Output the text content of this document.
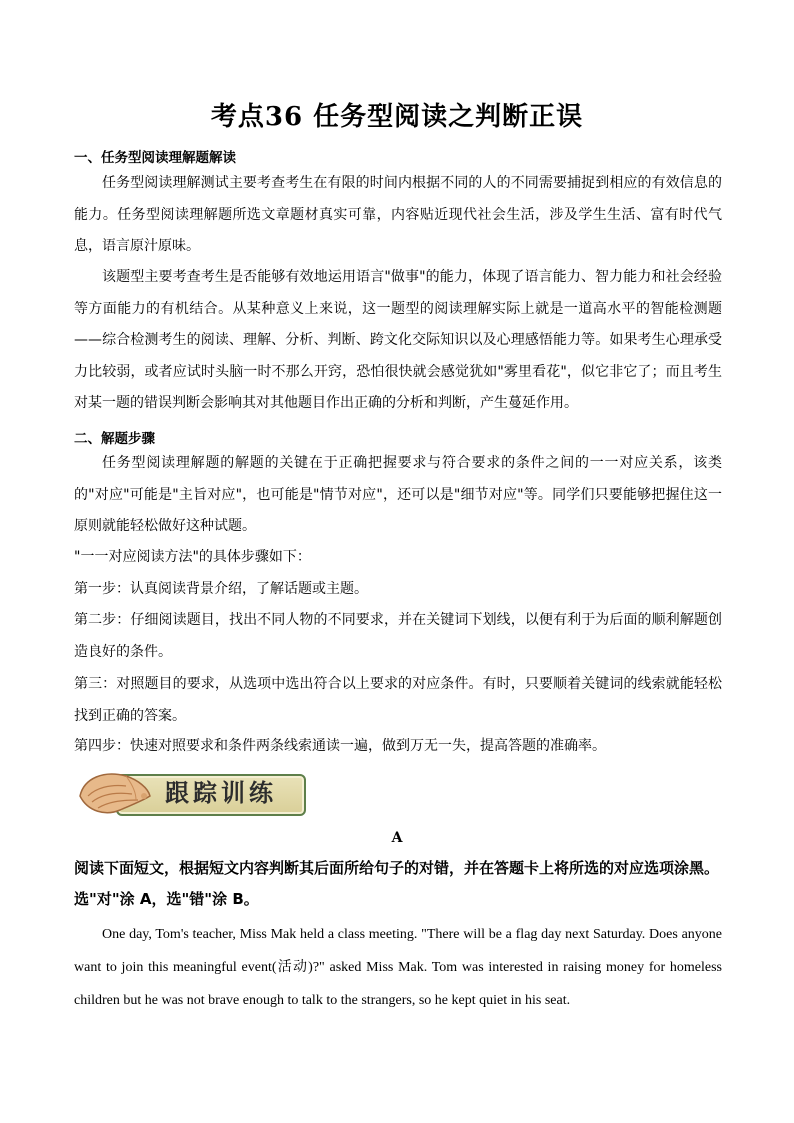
考点36 任务型阅读之判断正误
一、任务型阅读理解题解读
任务型阅读理解测试主要考查考生在有限的时间内根据不同的人的不同需要捕捉到相应的有效信息的能力。任务型阅读理解题所选文章题材真实可靠，内容贴近现代社会生活，涉及学生生活、富有时代气息，语言原汁原味。
该题型主要考查考生是否能够有效地运用语言"做事"的能力，体现了语言能力、智力能力和社会经验等方面能力的有机结合。从某种意义上来说，这一题型的阅读理解实际上就是一道高水平的智能检测题——综合检测考生的阅读、理解、分析、判断、跨文化交际知识以及心理感悟能力等。如果考生心理承受力比较弱，或者应试时头脑一时不那么开窍，恐怕很快就会感觉犹如"雾里看花"，似它非它了；而且考生对某一题的错误判断会影响其对其他题目作出正确的分析和判断，产生蔓延作用。
二、解题步骤
任务型阅读理解题的解题的关键在于正确把握要求与符合要求的条件之间的一一对应关系，该类的"对应"可能是"主旨对应"，也可能是"情节对应"，还可以是"细节对应"等。同学们只要能够把握住这一原则就能轻松做好这种试题。
"一一对应阅读方法"的具体步骤如下：
第一步：认真阅读背景介绍，了解话题或主题。
第二步：仔细阅读题目，找出不同人物的不同要求，并在关键词下划线，以便有利于为后面的顺利解题创造良好的条件。
第三：对照题目的要求，从选项中选出符合以上要求的对应条件。有时，只要顺着关键词的线索就能轻松找到正确的答案。
第四步：快速对照要求和条件两条线索通读一遍，做到万无一失，提高答题的准确率。
跟踪训练
A
阅读下面短文，根据短文内容判断其后面所给句子的对错，并在答题卡上将所选的对应选项涂黑。选"对"涂 A，选"错"涂 B。
One day, Tom's teacher, Miss Mak held a class meeting. "There will be a flag day next Saturday. Does anyone want to join this meaningful event(活动)?" asked Miss Mak. Tom was interested in raising money for homeless children but he was not brave enough to talk to the strangers, so he kept quiet in his seat.
